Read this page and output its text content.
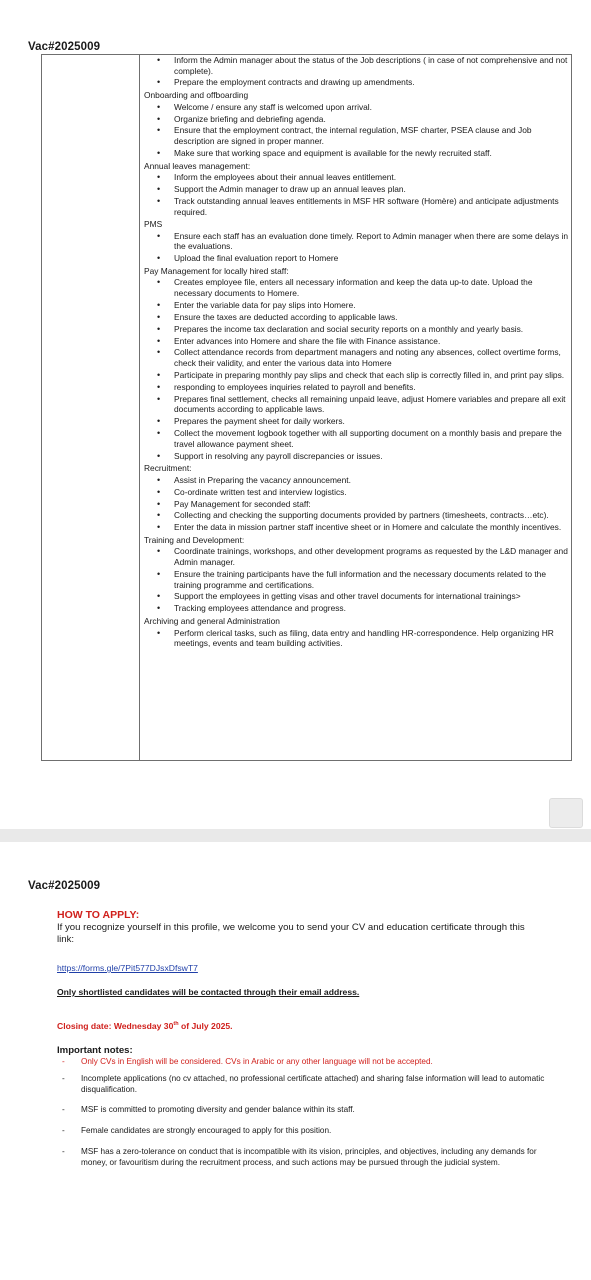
Vac#2025009
• Inform the Admin manager about the status of the Job descriptions ( in case of not comprehensive and not complete).
• Prepare the employment contracts and drawing up amendments.
Onboarding and offboarding
• Welcome / ensure any staff is welcomed upon arrival.
• Organize briefing and debriefing agenda.
• Ensure that the employment contract, the internal regulation, MSF charter, PSEA clause and Job description are signed in proper manner.
• Make sure that working space and equipment is available for the newly recruited staff.
Annual leaves management:
• Inform the employees about their annual leaves entitlement.
• Support the Admin manager to draw up an annual leaves plan.
• Track outstanding annual leaves entitlements in MSF HR software (Homère) and anticipate adjustments required.
PMS
• Ensure each staff has an evaluation done timely. Report to Admin manager when there are some delays in the evaluations.
• Upload the final evaluation report to Homere
Pay Management for locally hired staff:
• Creates employee file, enters all necessary information and keep the data up-to date. Upload the necessary documents to Homere.
• Enter the variable data for pay slips into Homere.
• Ensure the taxes are deducted according to applicable laws.
• Prepares the income tax declaration and social security reports on a monthly and yearly basis.
• Enter advances into Homere and share the file with Finance assistance.
• Collect attendance records from department managers and noting any absences, collect overtime forms, check their validity, and enter the various data into Homere
• Participate in preparing monthly pay slips and check that each slip is correctly filled in, and print pay slips.
• responding to employees inquiries related to payroll and benefits.
• Prepares final settlement, checks all remaining unpaid leave, adjust Homere variables and prepare all exit documents according to applicable laws.
• Prepares the payment sheet for daily workers.
• Collect the movement logbook together with all supporting document on a monthly basis and prepare the travel allowance payment sheet.
• Support in resolving any payroll discrepancies or issues.
Recruitment:
• Assist in Preparing the vacancy announcement.
• Co-ordinate written test and interview logistics.
• Pay Management for seconded staff:
• Collecting and checking the supporting documents provided by partners (timesheets, contracts…etc).
• Enter the data in mission partner staff incentive sheet or in Homere and calculate the monthly incentives.
Training and Development:
• Coordinate trainings, workshops, and other development programs as requested by the L&D manager and Admin manager.
• Ensure the training participants have the full information and the necessary documents related to the training programme and certifications.
• Support the employees in getting visas and other travel documents for international trainings>
• Tracking employees attendance and progress.
Archiving and general Administration
• Perform clerical tasks, such as filing, data entry and handling HR-correspondence. Help organizing HR meetings, events and team building activities.
Vac#2025009
HOW TO APPLY:
If you recognize yourself in this profile, we welcome you to send your CV and education certificate through this link:
https://forms.gle/7Pit577DJsxDfswT7
Only shortlisted candidates will be contacted through their email address.
Closing date: Wednesday 30th of July 2025.
Important notes:
- Only CVs in English will be considered. CVs in Arabic or any other language will not be accepted.
- Incomplete applications (no cv attached, no professional certificate attached) and sharing false information will lead to automatic disqualification.
- MSF is committed to promoting diversity and gender balance within its staff.
- Female candidates are strongly encouraged to apply for this position.
- MSF has a zero-tolerance on conduct that is incompatible with its vision, principles, and objectives, including any demands for money, or favouritism during the recruitment process, and such actions may be pursued through the judicial system.
